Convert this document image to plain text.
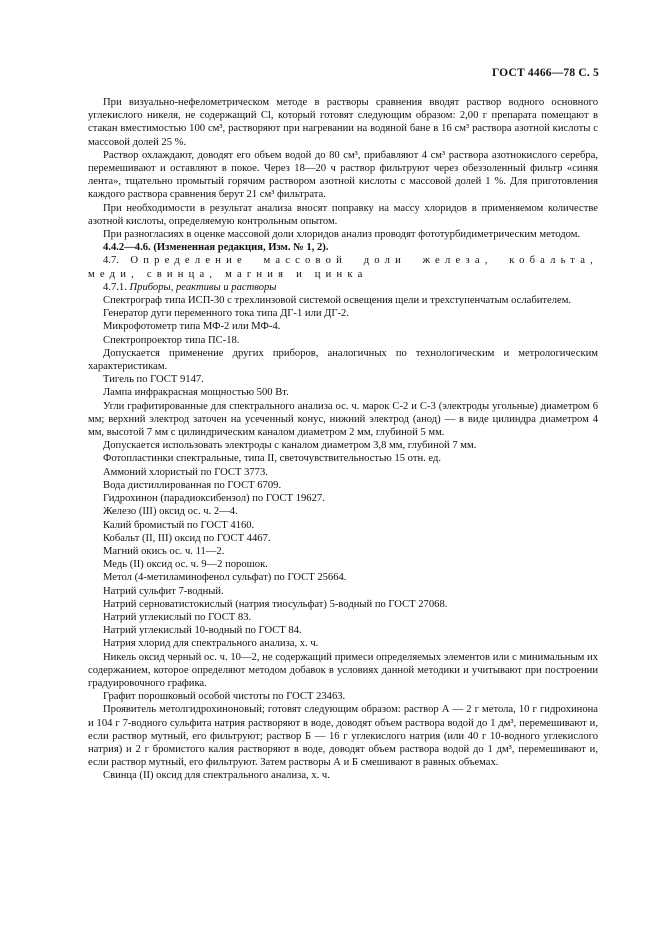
ГОСТ 4466—78 С. 5

При визуально-нефелометрическом методе в растворы сравнения вводят раствор водного основного углекислого никеля, не содержащий Cl, который готовят следующим образом: 2,00 г препарата помещают в стакан вместимостью 100 см³, растворяют при нагревании на водяной бане в 16 см³ раствора азотной кислоты с массовой долей 25 %.

Раствор охлаждают, доводят его объем водой до 80 см³, прибавляют 4 см³ раствора азотнокислого серебра, перемешивают и оставляют в покое. Через 18—20 ч раствор фильтруют через обеззоленный фильтр «синяя лента», тщательно промытый горячим раствором азотной кислоты с массовой долей 1 %. Для приготовления каждого раствора сравнения берут 21 см³ фильтрата.

При необходимости в результат анализа вносят поправку на массу хлоридов в применяемом количестве азотной кислоты, определяемую контрольным опытом.

При разногласиях в оценке массовой доли хлоридов анализ проводят фототурбидиметрическим методом.

4.4.2—4.6. (Измененная редакция, Изм. № 1, 2).

4.7. Определение массовой доли железа, кобальта, меди, свинца, магния и цинка

4.7.1. Приборы, реактивы и растворы

Спектрограф типа ИСП-30 с трехлинзовой системой освещения щели и трехступенчатым ослабителем.

Генератор дуги переменного тока типа ДГ-1 или ДГ-2.

Микрофотометр типа МФ-2 или МФ-4.

Спектропроектор типа ПС-18.

Допускается применение других приборов, аналогичных по технологическим и метрологическим характеристикам.

Тигель по ГОСТ 9147.

Лампа инфракрасная мощностью 500 Вт.

Угли графитированные для спектрального анализа ос. ч. марок С-2 и С-3 (электроды угольные) диаметром 6 мм; верхний электрод заточен на усеченный конус, нижний электрод (анод) — в виде цилиндра диаметром 4 мм, высотой 7 мм с цилиндрическим каналом диаметром 2 мм, глубиной 5 мм.

Допускается использовать электроды с каналом диаметром 3,8 мм, глубиной 7 мм.

Фотопластинки спектральные, типа II, светочувствительностью 15 отн. ед.

Аммоний хлористый по ГОСТ 3773.

Вода дистиллированная по ГОСТ 6709.

Гидрохинон (парадиоксибензол) по ГОСТ 19627.

Железо (III) оксид ос. ч. 2—4.

Калий бромистый по ГОСТ 4160.

Кобальт (II, III) оксид по ГОСТ 4467.

Магний окись ос. ч. 11—2.

Медь (II) оксид ос. ч. 9—2 порошок.

Метол (4-метиламинофенол сульфат) по ГОСТ 25664.

Натрий сульфит 7-водный.

Натрий серноватистокислый (натрия тиосульфат) 5-водный по ГОСТ 27068.

Натрий углекислый по ГОСТ 83.

Натрий углекислый 10-водный по ГОСТ 84.

Натрия хлорид для спектрального анализа, х. ч.

Никель оксид черный ос. ч. 10—2, не содержащий примеси определяемых элементов или с минимальным их содержанием, которое определяют методом добавок в условиях данной методики и учитывают при построении градуировочного графика.

Графит порошковый особой чистоты по ГОСТ 23463.

Проявитель метолгидрохиноновый; готовят следующим образом: раствор А — 2 г метола, 10 г гидрохинона и 104 г 7-водного сульфита натрия растворяют в воде, доводят объем раствора водой до 1 дм³, перемешивают и, если раствор мутный, его фильтруют; раствор Б — 16 г углекислого натрия (или 40 г 10-водного углекислого натрия) и 2 г бромистого калия растворяют в воде, доводят объем раствора водой до 1 дм³, перемешивают и, если раствор мутный, его фильтруют. Затем растворы А и Б смешивают в равных объемах.

Свинца (II) оксид для спектрального анализа, х. ч.
